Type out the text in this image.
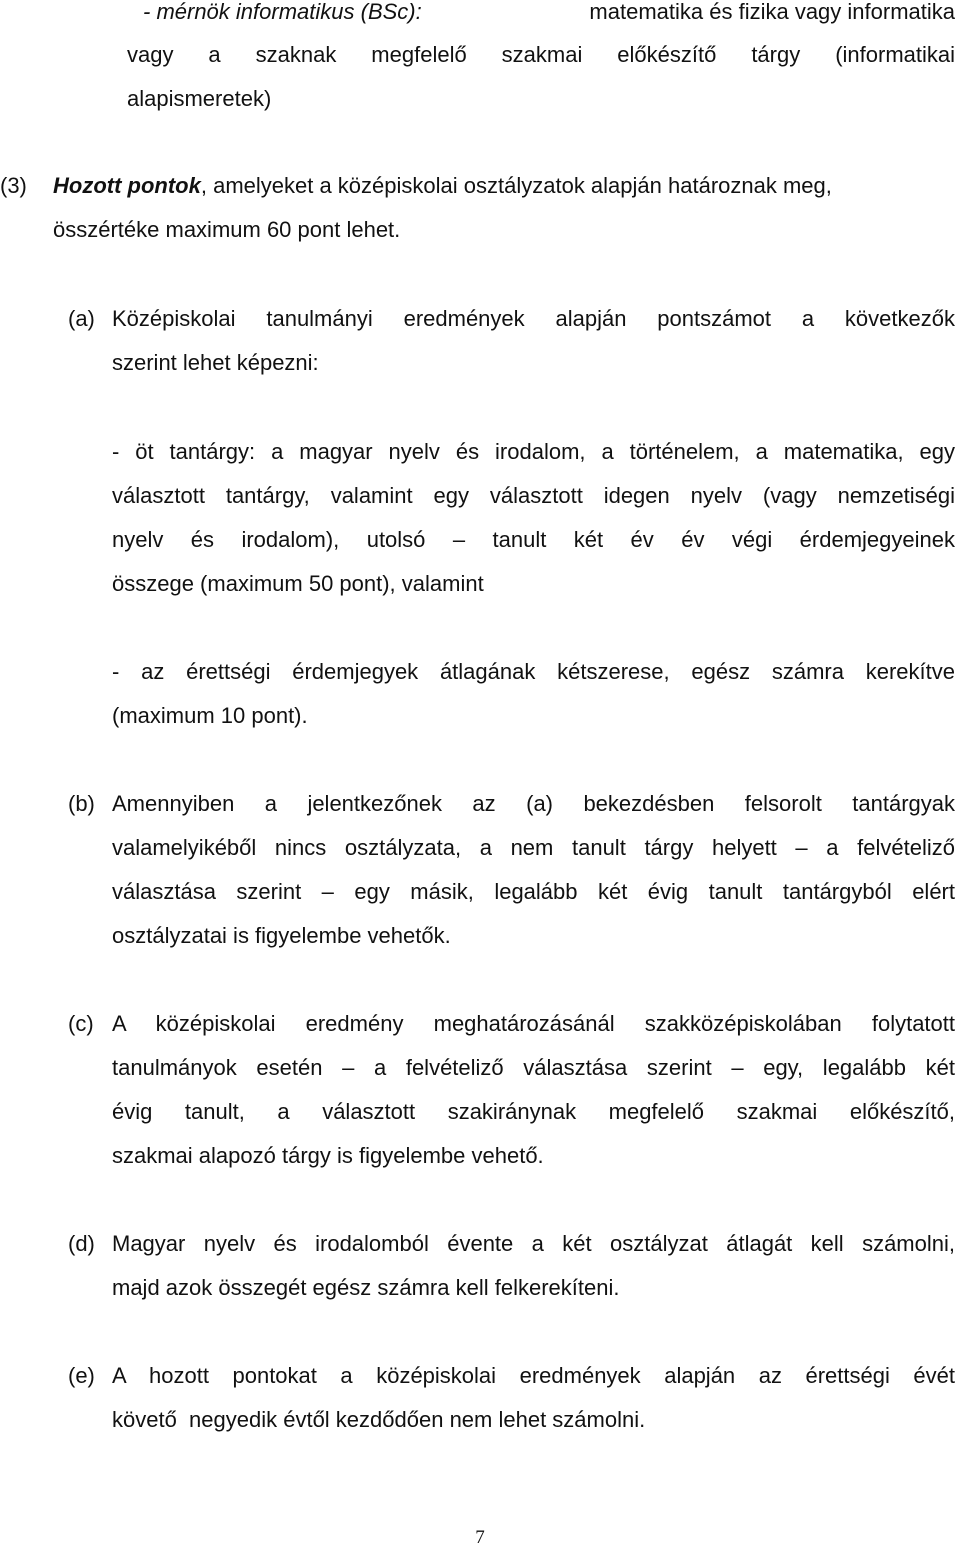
- mérnök informatikus (BSc):	matematika és fizika vagy informatika
vagy a szaknak megfelelő szakmai előkészítő tárgy (informatikai
alapismeretek)
(3) Hozott pontok, amelyeket a középiskolai osztályzatok alapján határoznak meg,
összértéke maximum 60 pont lehet.
(a) Középiskolai tanulmányi eredmények alapján pontszámot a következők
szerint lehet képezni:
- öt tantárgy: a magyar nyelv és irodalom, a történelem, a matematika, egy
választott tantárgy, valamint egy választott idegen nyelv (vagy nemzetiségi
nyelv és irodalom), utolsó – tanult két év év végi érdemjegyeinek
összege (maximum 50 pont), valamint
- az érettségi érdemjegyek átlagának kétszerese, egész számra kerekítve
(maximum 10 pont).
(b) Amennyiben a jelentkezőnek az (a) bekezdésben felsorolt tantárgyak
valamelyikéből nincs osztályzata, a nem tanult tárgy helyett – a felvételiző
választása szerint – egy másik, legalább két évig tanult tantárgyból elért
osztályzatai is figyelembe vehetők.
(c) A középiskolai eredmény meghatározásánál szakközépiskolában folytatott
tanulmányok esetén – a felvételiző választása szerint – egy, legalább két
évig tanult, a választott szakiránynak megfelelő szakmai előkészítő,
szakmai alapozó tárgy is figyelembe vehető.
(d) Magyar nyelv és irodalomból évente a két osztályzat átlagát kell számolni,
majd azok összegét egész számra kell felkerekíteni.
(e) A hozott pontokat a középiskolai eredmények alapján az érettségi évét
követő  negyedik évtől kezdődően nem lehet számolni.
7
